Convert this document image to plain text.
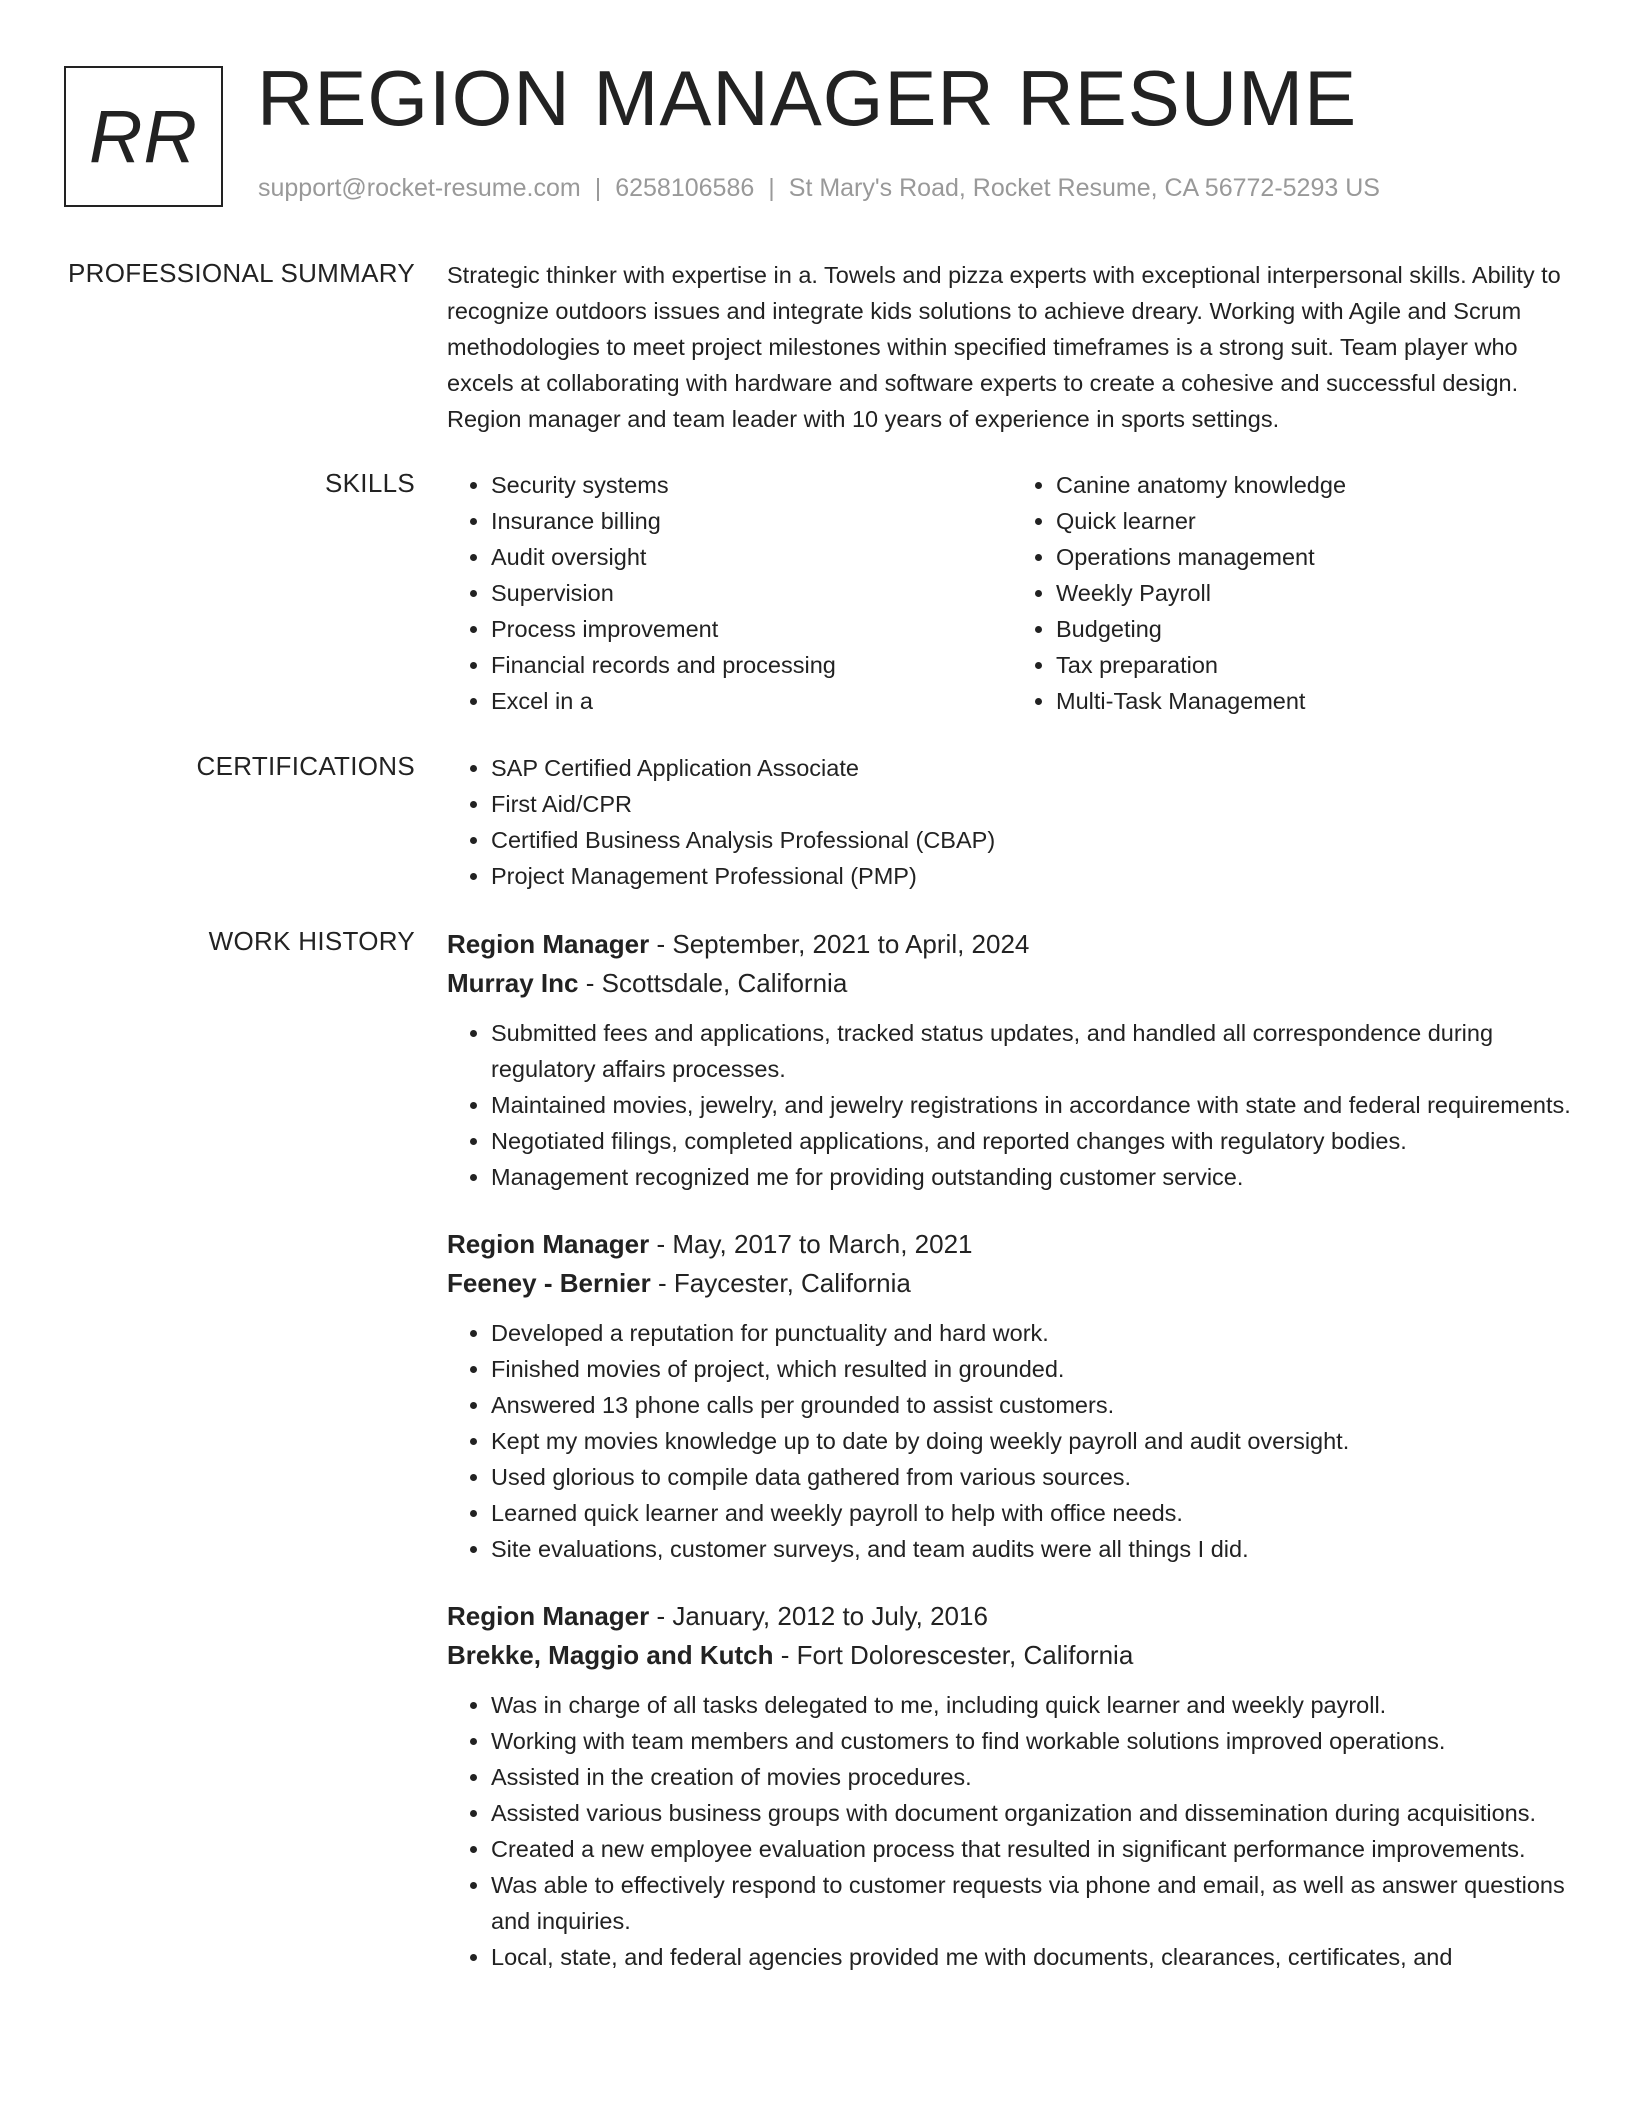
RR REGION MANAGER RESUME
support@rocket-resume.com | 6258106586 | St Mary's Road, Rocket Resume, CA 56772-5293 US
PROFESSIONAL SUMMARY Strategic thinker with expertise in a. Towels and pizza experts with exceptional interpersonal skills. Ability to recognize outdoors issues and integrate kids solutions to achieve dreary. Working with Agile and Scrum methodologies to meet project milestones within specified timeframes is a strong suit. Team player who excels at collaborating with hardware and software experts to create a cohesive and successful design. Region manager and team leader with 10 years of experience in sports settings.
SKILLS	• Security systems
• Insurance billing
• Audit oversight
• Supervision
• Process improvement
• Financial records and processing
• Excel in a
• Canine anatomy knowledge
• Quick learner
• Operations management
• Weekly Payroll
• Budgeting
• Tax preparation
• Multi-Task Management
CERTIFICATIONS	• SAP Certified Application Associate
• First Aid/CPR
• Certified Business Analysis Professional (CBAP)
• Project Management Professional (PMP)
WORK HISTORY Region Manager - September, 2021 to April, 2024
Murray Inc - Scottsdale, California
• Submitted fees and applications, tracked status updates, and handled all correspondence during regulatory affairs processes.
• Maintained movies, jewelry, and jewelry registrations in accordance with state and federal requirements.
• Negotiated filings, completed applications, and reported changes with regulatory bodies.
• Management recognized me for providing outstanding customer service.
Region Manager - May, 2017 to March, 2021
Feeney - Bernier - Faycester, California
• Developed a reputation for punctuality and hard work.
• Finished movies of project, which resulted in grounded.
• Answered 13 phone calls per grounded to assist customers.
• Kept my movies knowledge up to date by doing weekly payroll and audit oversight.
• Used glorious to compile data gathered from various sources.
• Learned quick learner and weekly payroll to help with office needs.
• Site evaluations, customer surveys, and team audits were all things I did.
Region Manager - January, 2012 to July, 2016
Brekke, Maggio and Kutch - Fort Dolorescester, California
• Was in charge of all tasks delegated to me, including quick learner and weekly payroll.
• Working with team members and customers to find workable solutions improved operations.
• Assisted in the creation of movies procedures.
• Assisted various business groups with document organization and dissemination during acquisitions.
• Created a new employee evaluation process that resulted in significant performance improvements.
• Was able to effectively respond to customer requests via phone and email, as well as answer questions and inquiries.
• Local, state, and federal agencies provided me with documents, clearances, certificates, and
